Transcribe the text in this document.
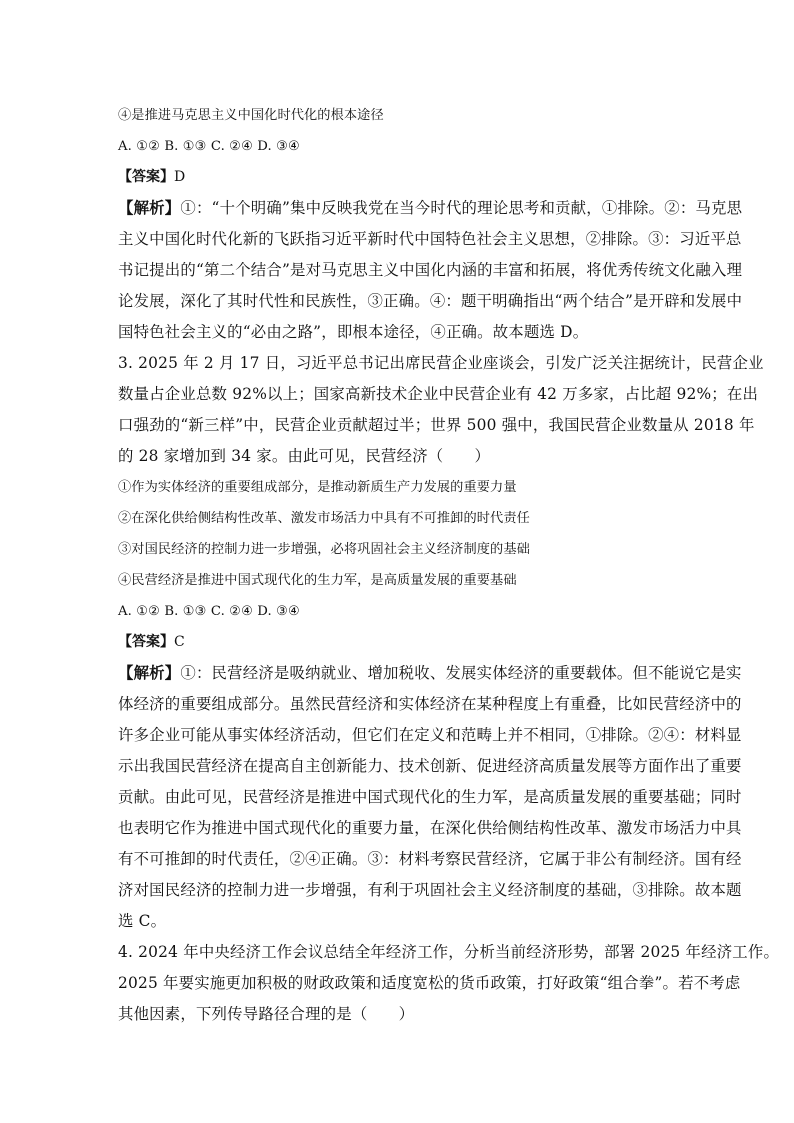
④是推进马克思主义中国化时代化的根本途径

A. ①② B. ①③ C. ②④ D. ③④

【答案】D

【解析】①：“十个明确”集中反映我党在当今时代的理论思考和贡献，①排除。②：马克思

主义中国化时代化新的飞跃指习近平新时代中国特色社会主义思想，②排除。③：习近平总

书记提出的“第二个结合”是对马克思主义中国化内涵的丰富和拓展，将优秀传统文化融入理

论发展，深化了其时代性和民族性，③正确。④：题干明确指出“两个结合”是开辟和发展中

国特色社会主义的“必由之路”，即根本途径，④正确。故本题选 D。

3. 2025 年 2 月 17 日，习近平总书记出席民营企业座谈会，引发广泛关注据统计，民营企业

数量占企业总数 92%以上；国家高新技术企业中民营企业有 42 万多家，占比超 92%；在出

口强劲的“新三样”中，民营企业贡献超过半；世界 500 强中，我国民营企业数量从 2018 年

的 28 家增加到 34 家。由此可见，民营经济（　　）

①作为实体经济的重要组成部分，是推动新质生产力发展的重要力量

②在深化供给侧结构性改革、激发市场活力中具有不可推卸的时代责任

③对国民经济的控制力进一步增强，必将巩固社会主义经济制度的基础

④民营经济是推进中国式现代化的生力军，是高质量发展的重要基础

A. ①② B. ①③ C. ②④ D. ③④

【答案】C

【解析】①：民营经济是吸纳就业、增加税收、发展实体经济的重要载体。但不能说它是实

体经济的重要组成部分。虽然民营经济和实体经济在某种程度上有重叠，比如民营经济中的

许多企业可能从事实体经济活动，但它们在定义和范畴上并不相同，①排除。②④：材料显

示出我国民营经济在提高自主创新能力、技术创新、促进经济高质量发展等方面作出了重要

贡献。由此可见，民营经济是推进中国式现代化的生力军，是高质量发展的重要基础；同时

也表明它作为推进中国式现代化的重要力量，在深化供给侧结构性改革、激发市场活力中具

有不可推卸的时代责任，②④正确。③：材料考察民营经济，它属于非公有制经济。国有经

济对国民经济的控制力进一步增强，有利于巩固社会主义经济制度的基础，③排除。故本题

选 C。

4. 2024 年中央经济工作会议总结全年经济工作，分析当前经济形势，部署 2025 年经济工作。

2025 年要实施更加积极的财政政策和适度宽松的货币政策，打好政策“组合拳”。若不考虑

其他因素，下列传导路径合理的是（　　）
